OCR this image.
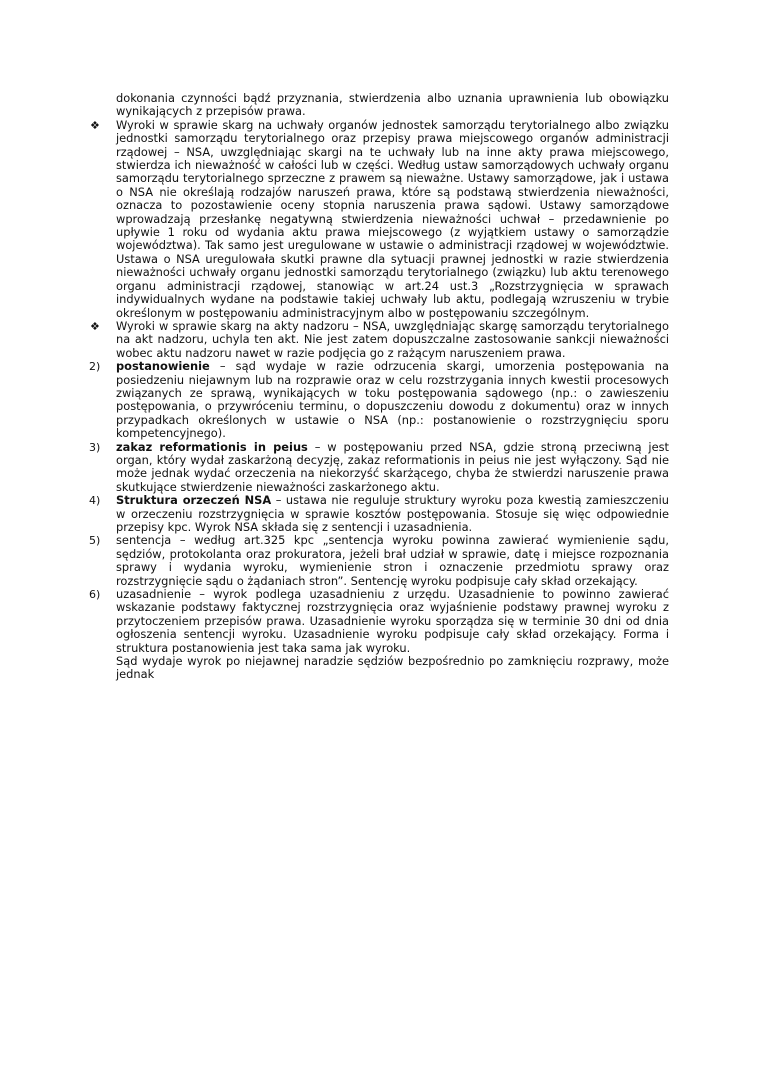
dokonania czynności bądź przyznania, stwierdzenia albo uznania uprawnienia lub obowiązku wynikających z przepisów prawa.
❖	Wyroki w sprawie skarg na uchwały organów jednostek samorządu terytorialnego albo związku jednostki samorządu terytorialnego oraz przepisy prawa miejscowego organów administracji rządowej – NSA, uwzględniając skargi na te uchwały lub na inne akty prawa miejscowego, stwierdza ich nieważność w całości lub w części. Według ustaw samorządowych uchwały organu samorządu terytorialnego sprzeczne z prawem są nieważne. Ustawy samorządowe, jak i ustawa o NSA nie określają rodzajów naruszeń prawa, które są podstawą stwierdzenia nieważności, oznacza to pozostawienie oceny stopnia naruszenia prawa sądowi. Ustawy samorządowe wprowadzają przesłankę negatywną stwierdzenia nieważności uchwał – przedawnienie po upływie 1 roku od wydania aktu prawa miejscowego (z wyjątkiem ustawy o samorządzie województwa). Tak samo jest uregulowane w ustawie o administracji rządowej w województwie. Ustawa o NSA uregulowała skutki prawne dla sytuacji prawnej jednostki w razie stwierdzenia nieważności uchwały organu jednostki samorządu terytorialnego (związku) lub aktu terenowego organu administracji rządowej, stanowiąc w art.24 ust.3 „Rozstrzygnięcia w sprawach indywidualnych wydane na podstawie takiej uchwały lub aktu, podlegają wzruszeniu w trybie określonym w postępowaniu administracyjnym albo w postępowaniu szczególnym.
❖	Wyroki w sprawie skarg na akty nadzoru – NSA, uwzględniając skargę samorządu terytorialnego na akt nadzoru, uchyla ten akt. Nie jest zatem dopuszczalne zastosowanie sankcji nieważności wobec aktu nadzoru nawet w razie podjęcia go z rażącym naruszeniem prawa.
2)	postanowienie – sąd wydaje w razie odrzucenia skargi, umorzenia postępowania na posiedzeniu niejawnym lub na rozprawie oraz w celu rozstrzygania innych kwestii procesowych związanych ze sprawą, wynikających w toku postępowania sądowego (np.: o zawieszeniu postępowania, o przywróceniu terminu, o dopuszczeniu dowodu z dokumentu) oraz w innych przypadkach określonych w ustawie o NSA (np.: postanowienie o rozstrzygnięciu sporu kompetencyjnego).
3)	zakaz reformationis in peius – w postępowaniu przed NSA, gdzie stroną przeciwną jest organ, który wydał zaskarżoną decyzję, zakaz reformationis in peius nie jest wyłączony. Sąd nie może jednak wydać orzeczenia na niekorzyść skarżącego, chyba że stwierdzi naruszenie prawa skutkujące stwierdzenie nieważności zaskarżonego aktu.
4)	Struktura orzeczeń NSA – ustawa nie reguluje struktury wyroku poza kwestią zamieszczeniu w orzeczeniu rozstrzygnięcia w sprawie kosztów postępowania. Stosuje się więc odpowiednie przepisy kpc. Wyrok NSA składa się z sentencji i uzasadnienia.
5)	sentencja – według art.325 kpc „sentencja wyroku powinna zawierać wymienienie sądu, sędziów, protokolanta oraz prokuratora, jeżeli brał udział w sprawie, datę i miejsce rozpoznania sprawy i wydania wyroku, wymienienie stron i oznaczenie przedmiotu sprawy oraz rozstrzygnięcie sądu o żądaniach stron”. Sentencję wyroku podpisuje cały skład orzekający.
6)	uzasadnienie – wyrok podlega uzasadnieniu z urzędu. Uzasadnienie to powinno zawierać wskazanie podstawy faktycznej rozstrzygnięcia oraz wyjaśnienie podstawy prawnej wyroku z przytoczeniem przepisów prawa. Uzasadnienie wyroku sporządza się w terminie 30 dni od dnia ogłoszenia sentencji wyroku. Uzasadnienie wyroku podpisuje cały skład orzekający. Forma i struktura postanowienia jest taka sama jak wyroku.
Sąd wydaje wyrok po niejawnej naradzie sędziów bezpośrednio po zamknięciu rozprawy, może jednak
